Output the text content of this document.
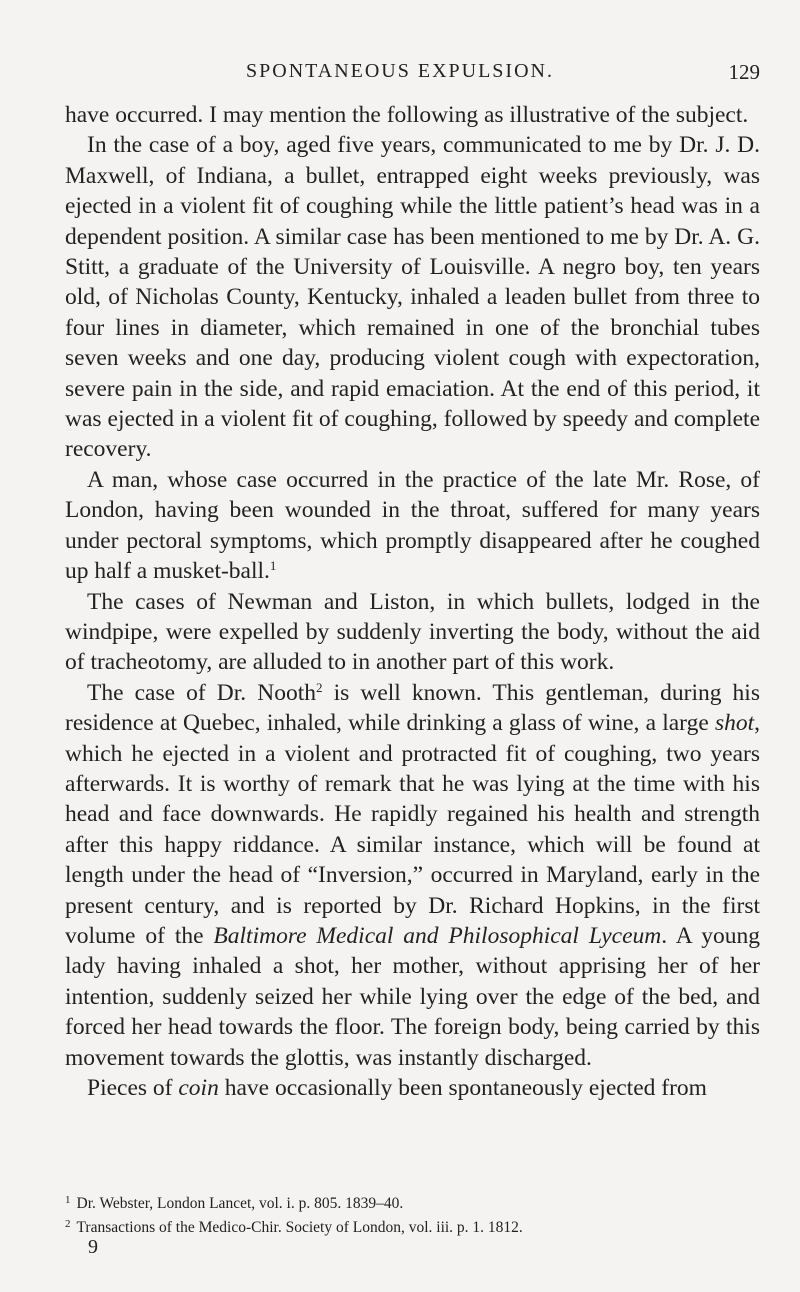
SPONTANEOUS EXPULSION.	129

have occurred. I may mention the following as illustrative of the subject.

In the case of a boy, aged five years, communicated to me by Dr. J. D. Maxwell, of Indiana, a bullet, entrapped eight weeks previously, was ejected in a violent fit of coughing while the little patient’s head was in a dependent position. A similar case has been mentioned to me by Dr. A. G. Stitt, a graduate of the University of Louisville. A negro boy, ten years old, of Nicholas County, Kentucky, inhaled a leaden bullet from three to four lines in diameter, which remained in one of the bronchial tubes seven weeks and one day, producing violent cough with expectoration, severe pain in the side, and rapid emaciation. At the end of this period, it was ejected in a violent fit of coughing, followed by speedy and complete recovery.

A man, whose case occurred in the practice of the late Mr. Rose, of London, having been wounded in the throat, suffered for many years under pectoral symptoms, which promptly disappeared after he coughed up half a musket-ball.$^1$

The cases of Newman and Liston, in which bullets, lodged in the windpipe, were expelled by suddenly inverting the body, without the aid of tracheotomy, are alluded to in another part of this work.

The case of Dr. Nooth$^2$ is well known. This gentleman, during his residence at Quebec, inhaled, while drinking a glass of wine, a large shot, which he ejected in a violent and protracted fit of coughing, two years afterwards. It is worthy of remark that he was lying at the time with his head and face downwards. He rapidly regained his health and strength after this happy riddance. A similar instance, which will be found at length under the head of “Inversion,” occurred in Maryland, early in the present century, and is reported by Dr. Richard Hopkins, in the first volume of the Baltimore Medical and Philosophical Lyceum. A young lady having inhaled a shot, her mother, without apprising her of her intention, suddenly seized her while lying over the edge of the bed, and forced her head towards the floor. The foreign body, being carried by this movement towards the glottis, was instantly discharged.

Pieces of coin have occasionally been spontaneously ejected from

$^1$ Dr. Webster, London Lancet, vol. i. p. 805. 1839–40.
$^2$ Transactions of the Medico-Chir. Society of London, vol. iii. p. 1. 1812.
9
